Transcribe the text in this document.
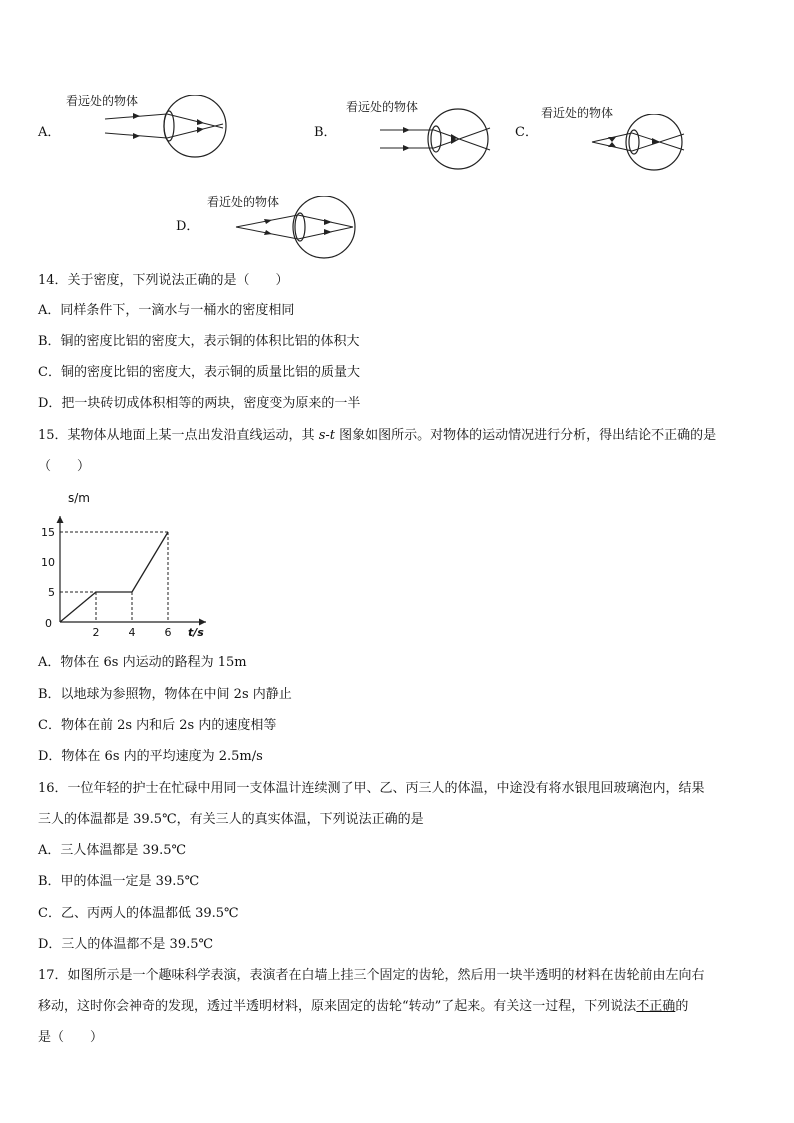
看远处的物体
A．
看远处的物体
B．
看近处的物体
C．
看近处的物体
D．
14．关于密度，下列说法正确的是（　　）
A．同样条件下，一滴水与一桶水的密度相同
B．铜的密度比铝的密度大，表示铜的体积比铝的体积大
C．铜的密度比铝的密度大，表示铜的质量比铝的质量大
D．把一块砖切成体积相等的两块，密度变为原来的一半
15．某物体从地面上某一点出发沿直线运动，其 s-t 图象如图所示。对物体的运动情况进行分析，得出结论不正确的是
（　　）
2	4	6
5
10
15
0
s/m
t/s
A．物体在 6s 内运动的路程为 15m
B．以地球为参照物，物体在中间 2s 内静止
C．物体在前 2s 内和后 2s 内的速度相等
D．物体在 6s 内的平均速度为 2.5m/s
16．一位年轻的护士在忙碌中用同一支体温计连续测了甲、乙、丙三人的体温，中途没有将水银甩回玻璃泡内，结果
三人的体温都是 39.5℃，有关三人的真实体温，下列说法正确的是
A．三人体温都是 39.5℃
B．甲的体温一定是 39.5℃
C．乙、丙两人的体温都低 39.5℃
D．三人的体温都不是 39.5℃
17．如图所示是一个趣味科学表演，表演者在白墙上挂三个固定的齿轮，然后用一块半透明的材料在齿轮前由左向右
移动，这时你会神奇的发现，透过半透明材料，原来固定的齿轮“转动”了起来。有关这一过程，下列说法不正确的
是（　　）
